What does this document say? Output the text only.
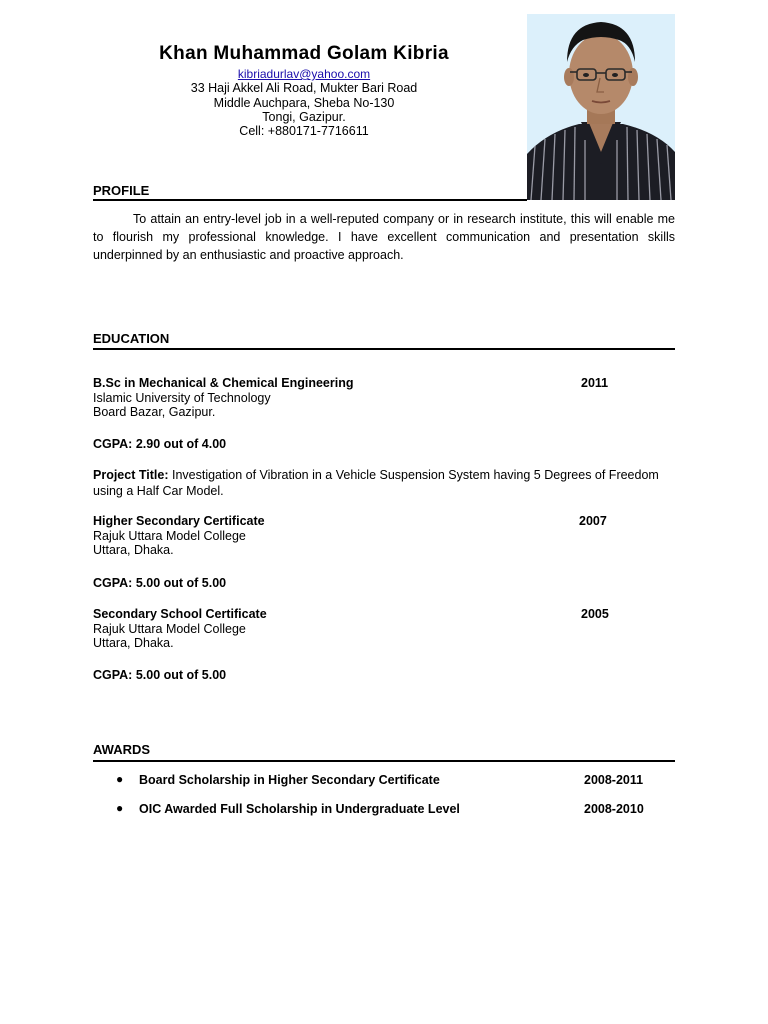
Khan Muhammad Golam Kibria
kibriadurlav@yahoo.com
33 Haji Akkel Ali Road, Mukter Bari Road
Middle Auchpara, Sheba No-130
Tongi, Gazipur.
Cell: +880171-7716611
PROFILE
To attain an entry-level job in a well-reputed company or in research institute, this will enable me to flourish my professional knowledge. I have excellent communication and presentation skills underpinned by an enthusiastic and proactive approach.
EDUCATION
B.Sc in Mechanical & Chemical Engineering	2011
Islamic University of Technology
Board Bazar, Gazipur.
CGPA: 2.90 out of 4.00
Project Title: Investigation of Vibration in a Vehicle Suspension System having 5 Degrees of Freedom using a Half Car Model.
Higher Secondary Certificate	2007
Rajuk Uttara Model College
Uttara, Dhaka.
CGPA: 5.00 out of 5.00
Secondary School Certificate	2005
Rajuk Uttara Model College
Uttara, Dhaka.
CGPA: 5.00 out of 5.00
AWARDS
● Board Scholarship in Higher Secondary Certificate	2008-2011
● OIC Awarded Full Scholarship in Undergraduate Level	2008-2010
